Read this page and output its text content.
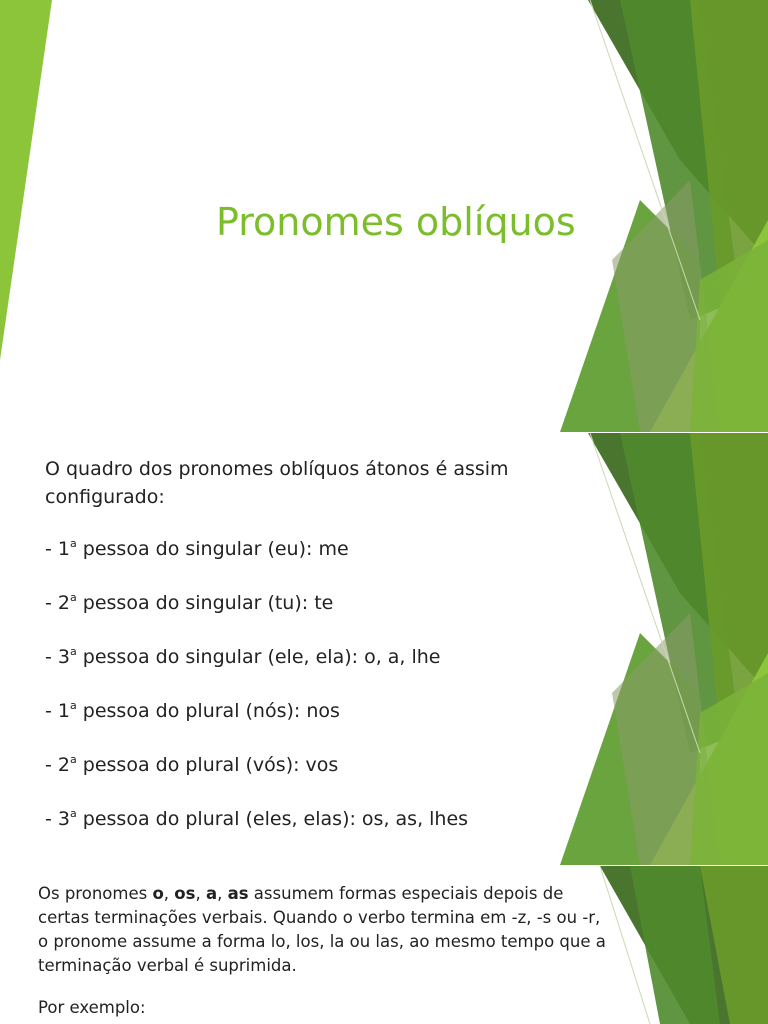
Pronomes oblíquos
O quadro dos pronomes oblíquos átonos é assim configurado:
- 1$^a$ pessoa do singular (eu): me
- 2$^a$ pessoa do singular (tu): te
- 3$^a$ pessoa do singular (ele, ela): o, a, lhe
- 1$^a$ pessoa do plural (nós): nos
- 2$^a$ pessoa do plural (vós): vos
- 3$^a$ pessoa do plural (eles, elas): os, as, lhes
Os pronomes o, os, a, as assumem formas especiais depois de certas terminações verbais. Quando o verbo termina em -z, -s ou -r, o pronome assume a forma lo, los, la ou las, ao mesmo tempo que a terminação verbal é suprimida.
Por exemplo:
